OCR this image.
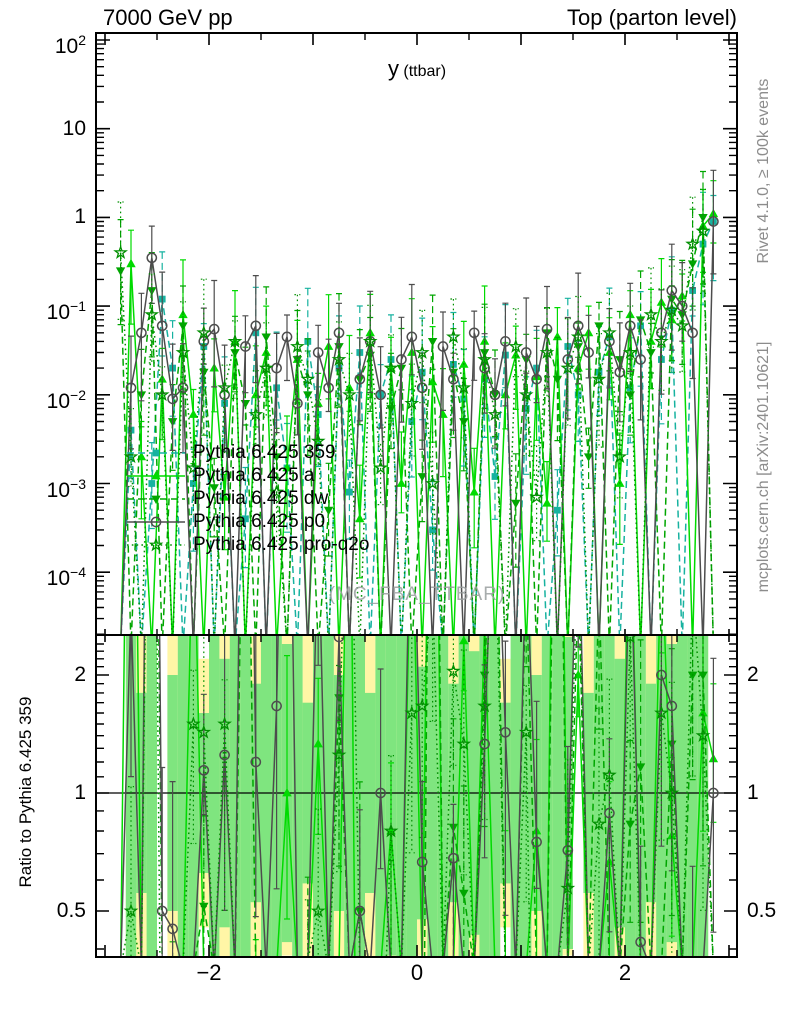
7000 GeV pp	Top (parton level)
y (ttbar)
(MC_FBA_TTBAR)
Rivet 4.1.0, ≥ 100k events
mcplots.cern.ch [arXiv:2401.10621]
Ratio to Pythia 6.425 359
Pythia 6.425 359
Pythia 6.425 a
Pythia 6.425 dw
Pythia 6.425 p0
Pythia 6.425 pro-q2o
$10^2$
10
1
$10^{-1}$
$10^{-2}$
$10^{-3}$
$10^{-4}$
2	2
1	1
0.5	0.5
−2	0	2
